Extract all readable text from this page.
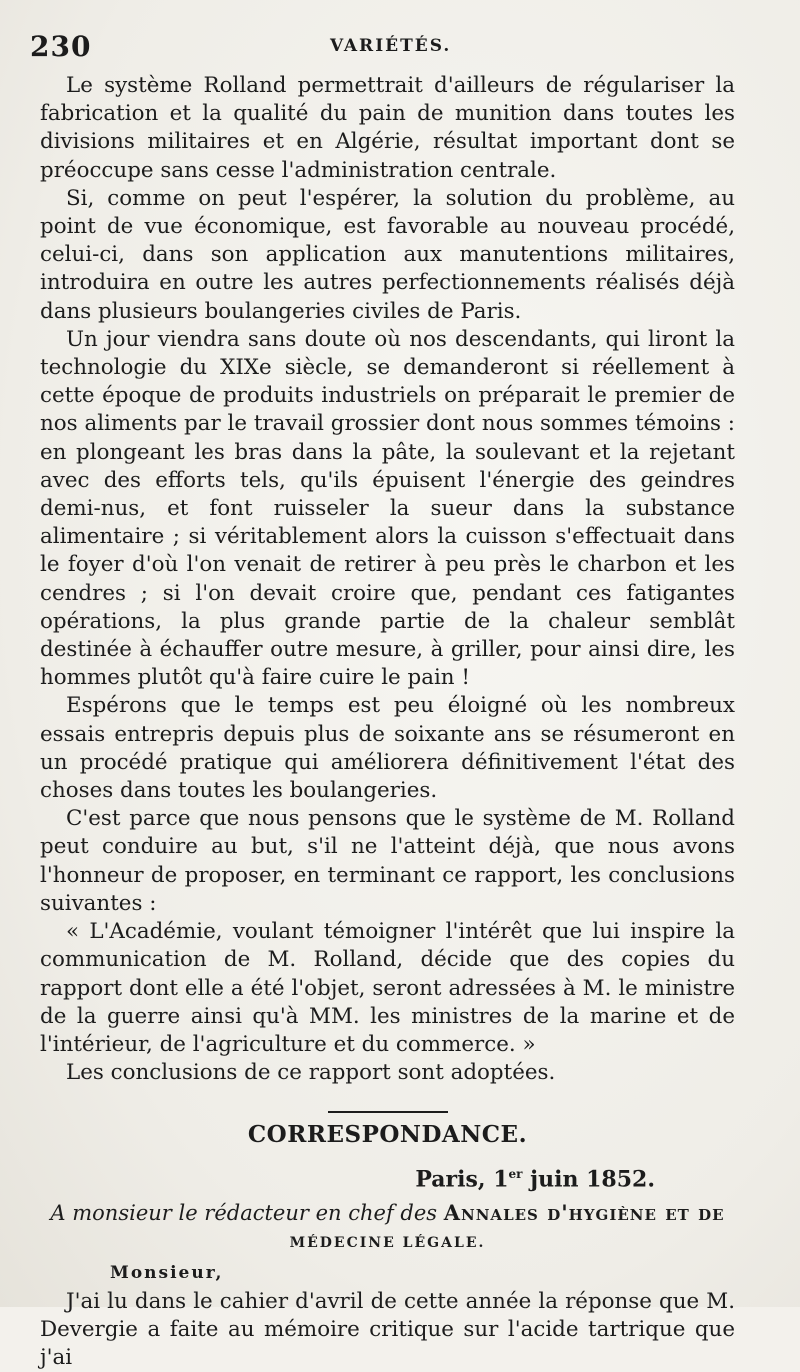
230	VARIÉTÉS.

Le système Rolland permettrait d'ailleurs de régulariser la fabrication et la qualité du pain de munition dans toutes les divisions militaires et en Algérie, résultat important dont se préoccupe sans cesse l'administration centrale.

Si, comme on peut l'espérer, la solution du problème, au point de vue économique, est favorable au nouveau procédé, celui-ci, dans son application aux manutentions militaires, introduira en outre les autres perfectionnements réalisés déjà dans plusieurs boulangeries civiles de Paris.

Un jour viendra sans doute où nos descendants, qui liront la technologie du XIXe siècle, se demanderont si réellement à cette époque de produits industriels on préparait le premier de nos aliments par le travail grossier dont nous sommes témoins : en plongeant les bras dans la pâte, la soulevant et la rejetant avec des efforts tels, qu'ils épuisent l'énergie des geindres demi-nus, et font ruisseler la sueur dans la substance alimentaire ; si véritablement alors la cuisson s'effectuait dans le foyer d'où l'on venait de retirer à peu près le charbon et les cendres ; si l'on devait croire que, pendant ces fatigantes opérations, la plus grande partie de la chaleur semblât destinée à échauffer outre mesure, à griller, pour ainsi dire, les hommes plutôt qu'à faire cuire le pain !

Espérons que le temps est peu éloigné où les nombreux essais entrepris depuis plus de soixante ans se résumeront en un procédé pratique qui améliorera définitivement l'état des choses dans toutes les boulangeries.

C'est parce que nous pensons que le système de M. Rolland peut conduire au but, s'il ne l'atteint déjà, que nous avons l'honneur de proposer, en terminant ce rapport, les conclusions suivantes :

« L'Académie, voulant témoigner l'intérêt que lui inspire la communication de M. Rolland, décide que des copies du rapport dont elle a été l'objet, seront adressées à M. le ministre de la guerre ainsi qu'à MM. les ministres de la marine et de l'intérieur, de l'agriculture et du commerce. »

Les conclusions de ce rapport sont adoptées.

CORRESPONDANCE.
Paris, 1er juin 1852.
A monsieur le rédacteur en chef des Annales d'hygiène et de
MÉDECINE LÉGALE.
Monsieur,

J'ai lu dans le cahier d'avril de cette année la réponse que M. Devergie a faite au mémoire critique sur l'acide tartrique que j'ai
